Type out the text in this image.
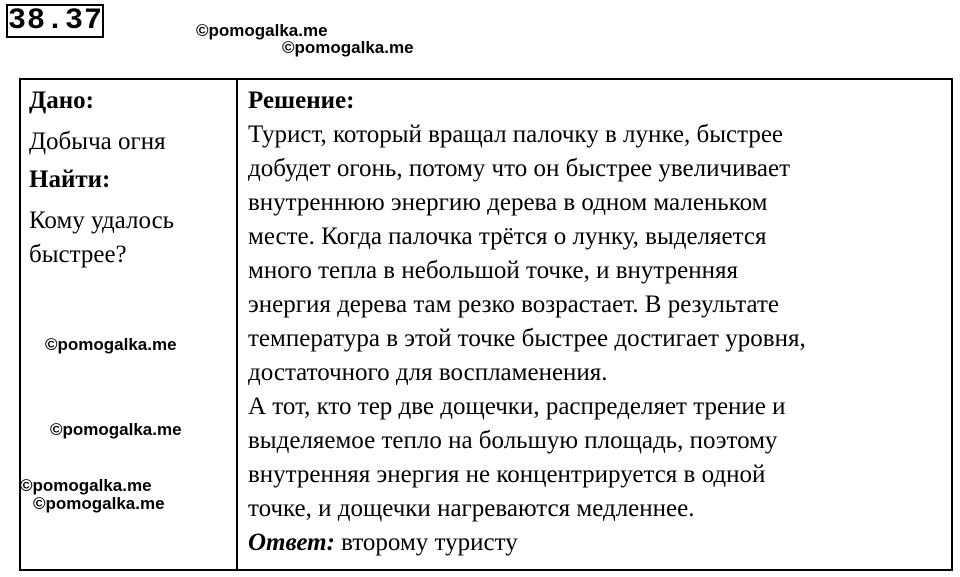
38.37	©pomogalka.me
©pomogalka.me
©pomogalka.me
©pomogalka.me
©pomogalka.me
©pomogalka.me
Дано:
Добыча огня
Найти:
Кому удалось
быстрее?
Решение:
Турист, который вращал палочку в лунке, быстрее
добудет огонь, потому что он быстрее увеличивает
внутреннюю энергию дерева в одном маленьком
месте. Когда палочка трётся о лунку, выделяется
много тепла в небольшой точке, и внутренняя
энергия дерева там резко возрастает. В результате
температура в этой точке быстрее достигает уровня,
достаточного для воспламенения.
А тот, кто тер две дощечки, распределяет трение и
выделяемое тепло на большую площадь, поэтому
внутренняя энергия не концентрируется в одной
точке, и дощечки нагреваются медленнее.
Ответ: второму туристу
